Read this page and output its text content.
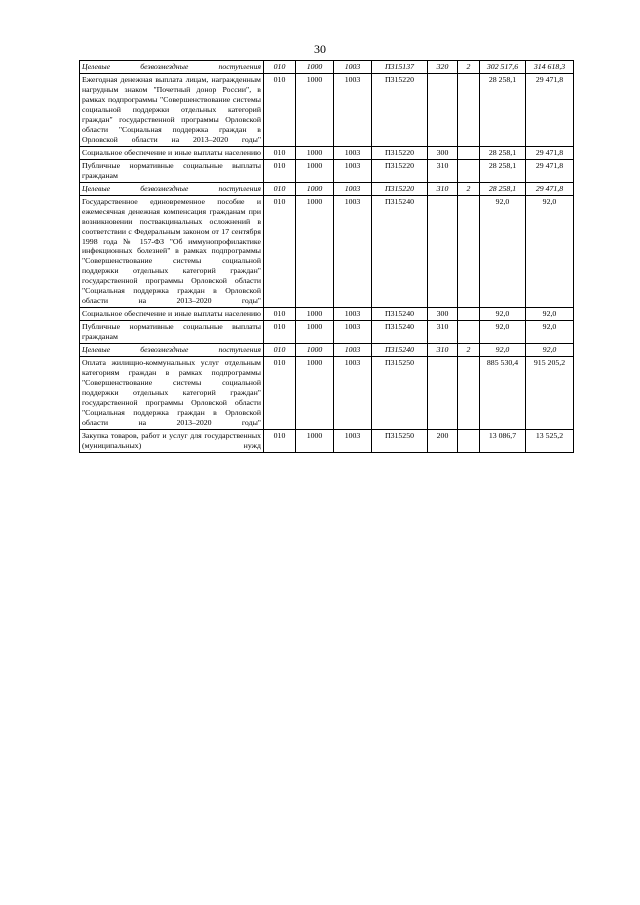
30
Целевые безвозмездные поступления	010	1000	1003	П315137	320	2	302 517,6	314 618,3
Ежегодная денежная выплата лицам, награжденным нагрудным знаком "Почетный донор России", в рамках подпрограммы "Совершенствование системы социальной поддержки отдельных категорий граждан" государственной программы Орловской области "Социальная поддержка граждан в Орловской области на 2013–2020 годы"	010	1000	1003	П315220			28 258,1	29 471,8
Социальное обеспечение и иные выплаты населению	010	1000	1003	П315220	300		28 258,1	29 471,8
Публичные нормативные социальные выплаты гражданам	010	1000	1003	П315220	310		28 258,1	29 471,8
Целевые безвозмездные поступления	010	1000	1003	П315220	310	2	28 258,1	29 471,8
Государственное единовременное пособие и ежемесячная денежная компенсация гражданам при возникновении поствакцинальных осложнений в соответствии с Федеральным законом от 17 сентября 1998 года № 157-ФЗ "Об иммунопрофилактике инфекционных болезней" в рамках подпрограммы "Совершенствование системы социальной поддержки отдельных категорий граждан" государственной программы Орловской области "Социальная поддержка граждан в Орловской области на 2013–2020 годы"	010	1000	1003	П315240			92,0	92,0
Социальное обеспечение и иные выплаты населению	010	1000	1003	П315240	300		92,0	92,0
Публичные нормативные социальные выплаты гражданам	010	1000	1003	П315240	310		92,0	92,0
Целевые безвозмездные поступления	010	1000	1003	П315240	310	2	92,0	92,0
Оплата жилищно-коммунальных услуг отдельным категориям граждан в рамках подпрограммы "Совершенствование системы социальной поддержки отдельных категорий граждан" государственной программы Орловской области "Социальная поддержка граждан в Орловской области на 2013–2020 годы"	010	1000	1003	П315250			885 530,4	915 205,2
Закупка товаров, работ и услуг для государственных (муниципальных) нужд	010	1000	1003	П315250	200		13 086,7	13 525,2
